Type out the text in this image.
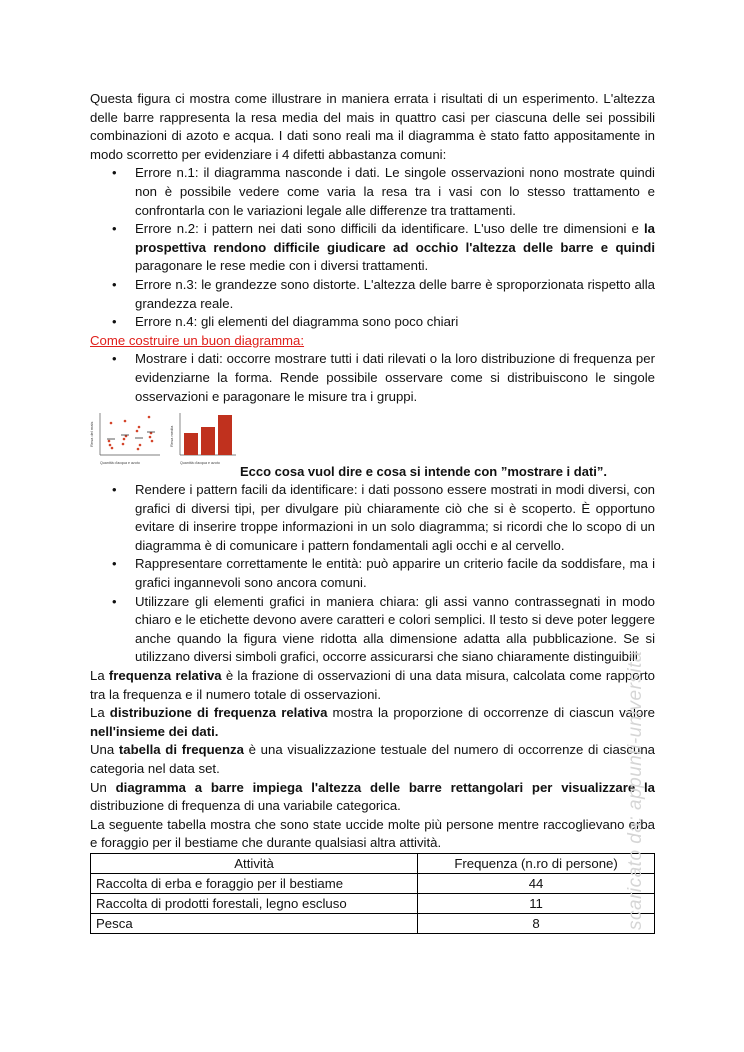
Questa figura ci mostra come illustrare in maniera errata i risultati di un esperimento. L'altezza delle barre rappresenta la resa media del mais in quattro casi per ciascuna delle sei possibili combinazioni di azoto e acqua. I dati sono reali ma il diagramma è stato fatto appositamente in modo scorretto per evidenziare i 4 difetti abbastanza comuni:

• Errore n.1: il diagramma nasconde i dati. Le singole osservazioni nono mostrate quindi non è possibile vedere come varia la resa tra i vasi con lo stesso trattamento e confrontarla con le variazioni legale alle differenze tra trattamenti.
• Errore n.2: i pattern nei dati sono difficili da identificare. L'uso delle tre dimensioni e la prospettiva rendono difficile giudicare ad occhio l'altezza delle barre e quindi paragonare le rese medie con i diversi trattamenti.
• Errore n.3: le grandezze sono distorte. L'altezza delle barre è sproporzionata rispetto alla grandezza reale.
• Errore n.4: gli elementi del diagramma sono poco chiari

Come costruire un buon diagramma:

• Mostrare i dati: occorre mostrare tutti i dati rilevati o la loro distribuzione di frequenza per evidenziarne la forma. Rende possibile osservare come si distribuiscono le singole osservazioni e paragonare le misure tra i gruppi.
Resa del mais
Quantità d'acqua e azoto
Resa media
Quantità d'acqua e azoto
Ecco cosa vuol dire e cosa si intende con ”mostrare i dati”.
• Rendere i pattern facili da identificare: i dati possono essere mostrati in modi diversi, con grafici di diversi tipi, per divulgare più chiaramente ciò che si è scoperto. È opportuno evitare di inserire troppe informazioni in un solo diagramma; si ricordi che lo scopo di un diagramma è di comunicare i pattern fondamentali agli occhi e al cervello.
• Rappresentare correttamente le entità: può apparire un criterio facile da soddisfare, ma i grafici ingannevoli sono ancora comuni.
• Utilizzare gli elementi grafici in maniera chiara: gli assi vanno contrassegnati in modo chiaro e le etichette devono avere caratteri e colori semplici. Il testo si deve poter leggere anche quando la figura viene ridotta alla dimensione adatta alla pubblicazione. Se si utilizzano diversi simboli grafici, occorre assicurarsi che siano chiaramente distinguibili.

La frequenza relativa è la frazione di osservazioni di una data misura, calcolata come rapporto tra la frequenza e il numero totale di osservazioni.

La distribuzione di frequenza relativa mostra la proporzione di occorrenze di ciascun valore nell'insieme dei dati.

Una tabella di frequenza è una visualizzazione testuale del numero di occorrenze di ciascuna categoria nel data set.

Un diagramma a barre impiega l'altezza delle barre rettangolari per visualizzare la distribuzione di frequenza di una variabile categorica.

La seguente tabella mostra che sono state uccide molte più persone mentre raccoglievano erba e foraggio per il bestiame che durante qualsiasi altra attività.

Attività	Frequenza (n.ro di persone)
Raccolta di erba e foraggio per il bestiame	44
Raccolta di prodotti forestali, legno escluso	11
Pesca	8	scaricato da: appunti-universita
